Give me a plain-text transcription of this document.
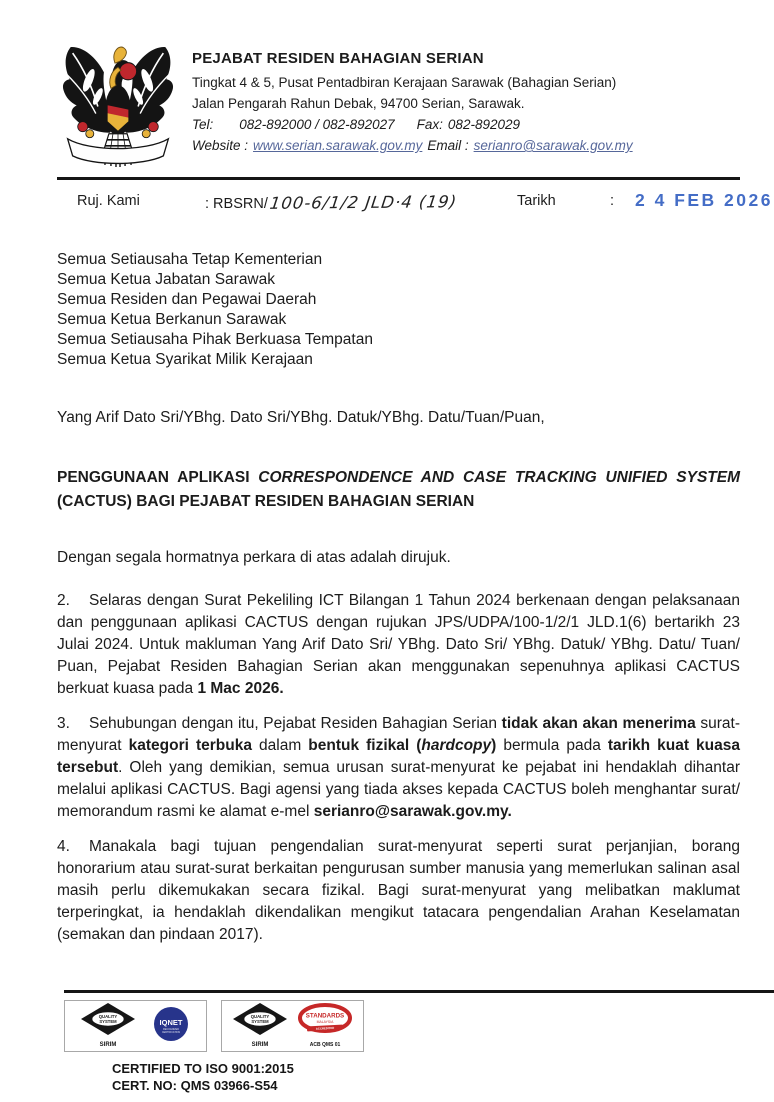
PEJABAT RESIDEN BAHAGIAN SERIAN
Tingkat 4 & 5, Pusat Pentadbiran Kerajaan Sarawak (Bahagian Serian)
Jalan Pengarah Rahun Debak, 94700 Serian, Sarawak.
Tel: 082-892000 / 082-892027 Fax: 082-892029
Website : www.serian.sarawak.gov.my Email : serianro@sarawak.gov.my
Ruj. Kami	: RBSRN/100-6/1/2 JLD·4 (19)	Tarikh	: 2 4 FEB 2026
Semua Setiausaha Tetap Kementerian
Semua Ketua Jabatan Sarawak
Semua Residen dan Pegawai Daerah
Semua Ketua Berkanun Sarawak
Semua Setiausaha Pihak Berkuasa Tempatan
Semua Ketua Syarikat Milik Kerajaan
Yang Arif Dato Sri/YBhg. Dato Sri/YBhg. Datuk/YBhg. Datu/Tuan/Puan,
PENGGUNAAN APLIKASI CORRESPONDENCE AND CASE TRACKING UNIFIED SYSTEM (CACTUS) BAGI PEJABAT RESIDEN BAHAGIAN SERIAN

Dengan segala hormatnya perkara di atas adalah dirujuk.

2. Selaras dengan Surat Pekeliling ICT Bilangan 1 Tahun 2024 berkenaan dengan pelaksanaan dan penggunaan aplikasi CACTUS dengan rujukan JPS/UDPA/100-1/2/1 JLD.1(6) bertarikh 23 Julai 2024. Untuk makluman Yang Arif Dato Sri/ YBhg. Dato Sri/ YBhg. Datuk/ YBhg. Datu/ Tuan/ Puan, Pejabat Residen Bahagian Serian akan menggunakan sepenuhnya aplikasi CACTUS berkuat kuasa pada 1 Mac 2026.

3. Sehubungan dengan itu, Pejabat Residen Bahagian Serian tidak akan akan menerima surat-menyurat kategori terbuka dalam bentuk fizikal (hardcopy) bermula pada tarikh kuat kuasa tersebut. Oleh yang demikian, semua urusan surat-menyurat ke pejabat ini hendaklah dihantar melalui aplikasi CACTUS. Bagi agensi yang tiada akses kepada CACTUS boleh menghantar surat/ memorandum rasmi ke alamat e-mel serianro@sarawak.gov.my.

4. Manakala bagi tujuan pengendalian surat-menyurat seperti surat perjanjian, borang honorarium atau surat-surat berkaitan pengurusan sumber manusia yang memerlukan salinan asal masih perlu dikemukakan secara fizikal. Bagi surat-menyurat yang melibatkan maklumat terperingkat, ia hendaklah dikendalikan mengikut tatacara pengendalian Arahan Keselamatan (semakan dan pindaan 2017).

QUALITY
SYSTEM
SIRIM
IQNET
RECOGNIZED
CERTIFICATION
QUALITY
SYSTEM
SIRIM
STANDARDS
MALAYSIA
ACCREDITED
ACB QMS 01
CERTIFIED TO ISO 9001:2015
CERT. NO: QMS 03966-S54
